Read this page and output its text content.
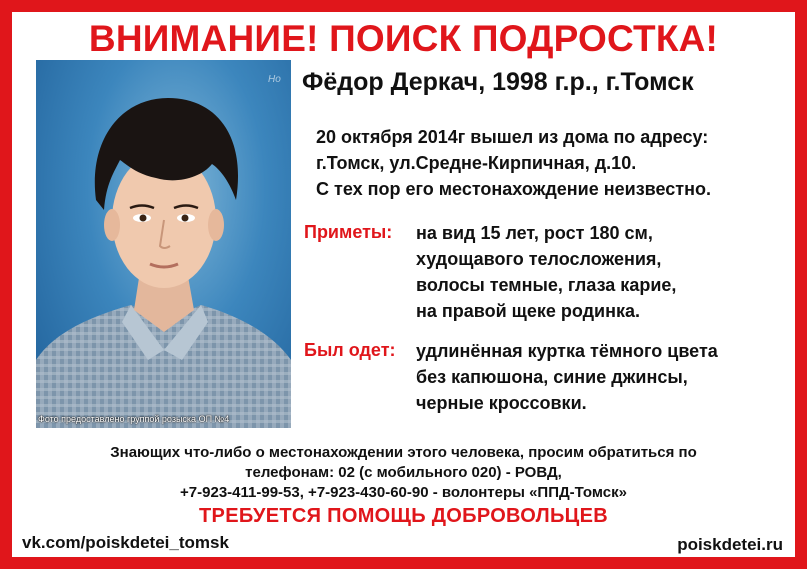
ВНИМАНИЕ! ПОИСК ПОДРОСТКА!
Ho
Фото предоставлено группой розыска ОП №4
Фёдор Деркач, 1998 г.р., г.Томск
20 октября 2014г вышел из дома по адресу:
г.Томск, ул.Средне-Кирпичная, д.10.
С тех пор его местонахождение неизвестно.
Приметы: на вид 15 лет, рост 180 см,
худощавого телосложения,
волосы темные, глаза карие,
на правой щеке родинка.
Был одет: удлинённая куртка тёмного цвета
без капюшона, синие джинсы,
черные кроссовки.
Знающих что-либо о местонахождении этого человека, просим обратиться по
телефонам: 02 (с мобильного 020) - РОВД,
+7-923-411-99-53, +7-923-430-60-90 - волонтеры «ППД-Томск»
ТРЕБУЕТСЯ ПОМОЩЬ ДОБРОВОЛЬЦЕВ
vk.com/poiskdetei_tomsk	poiskdetei.ru
